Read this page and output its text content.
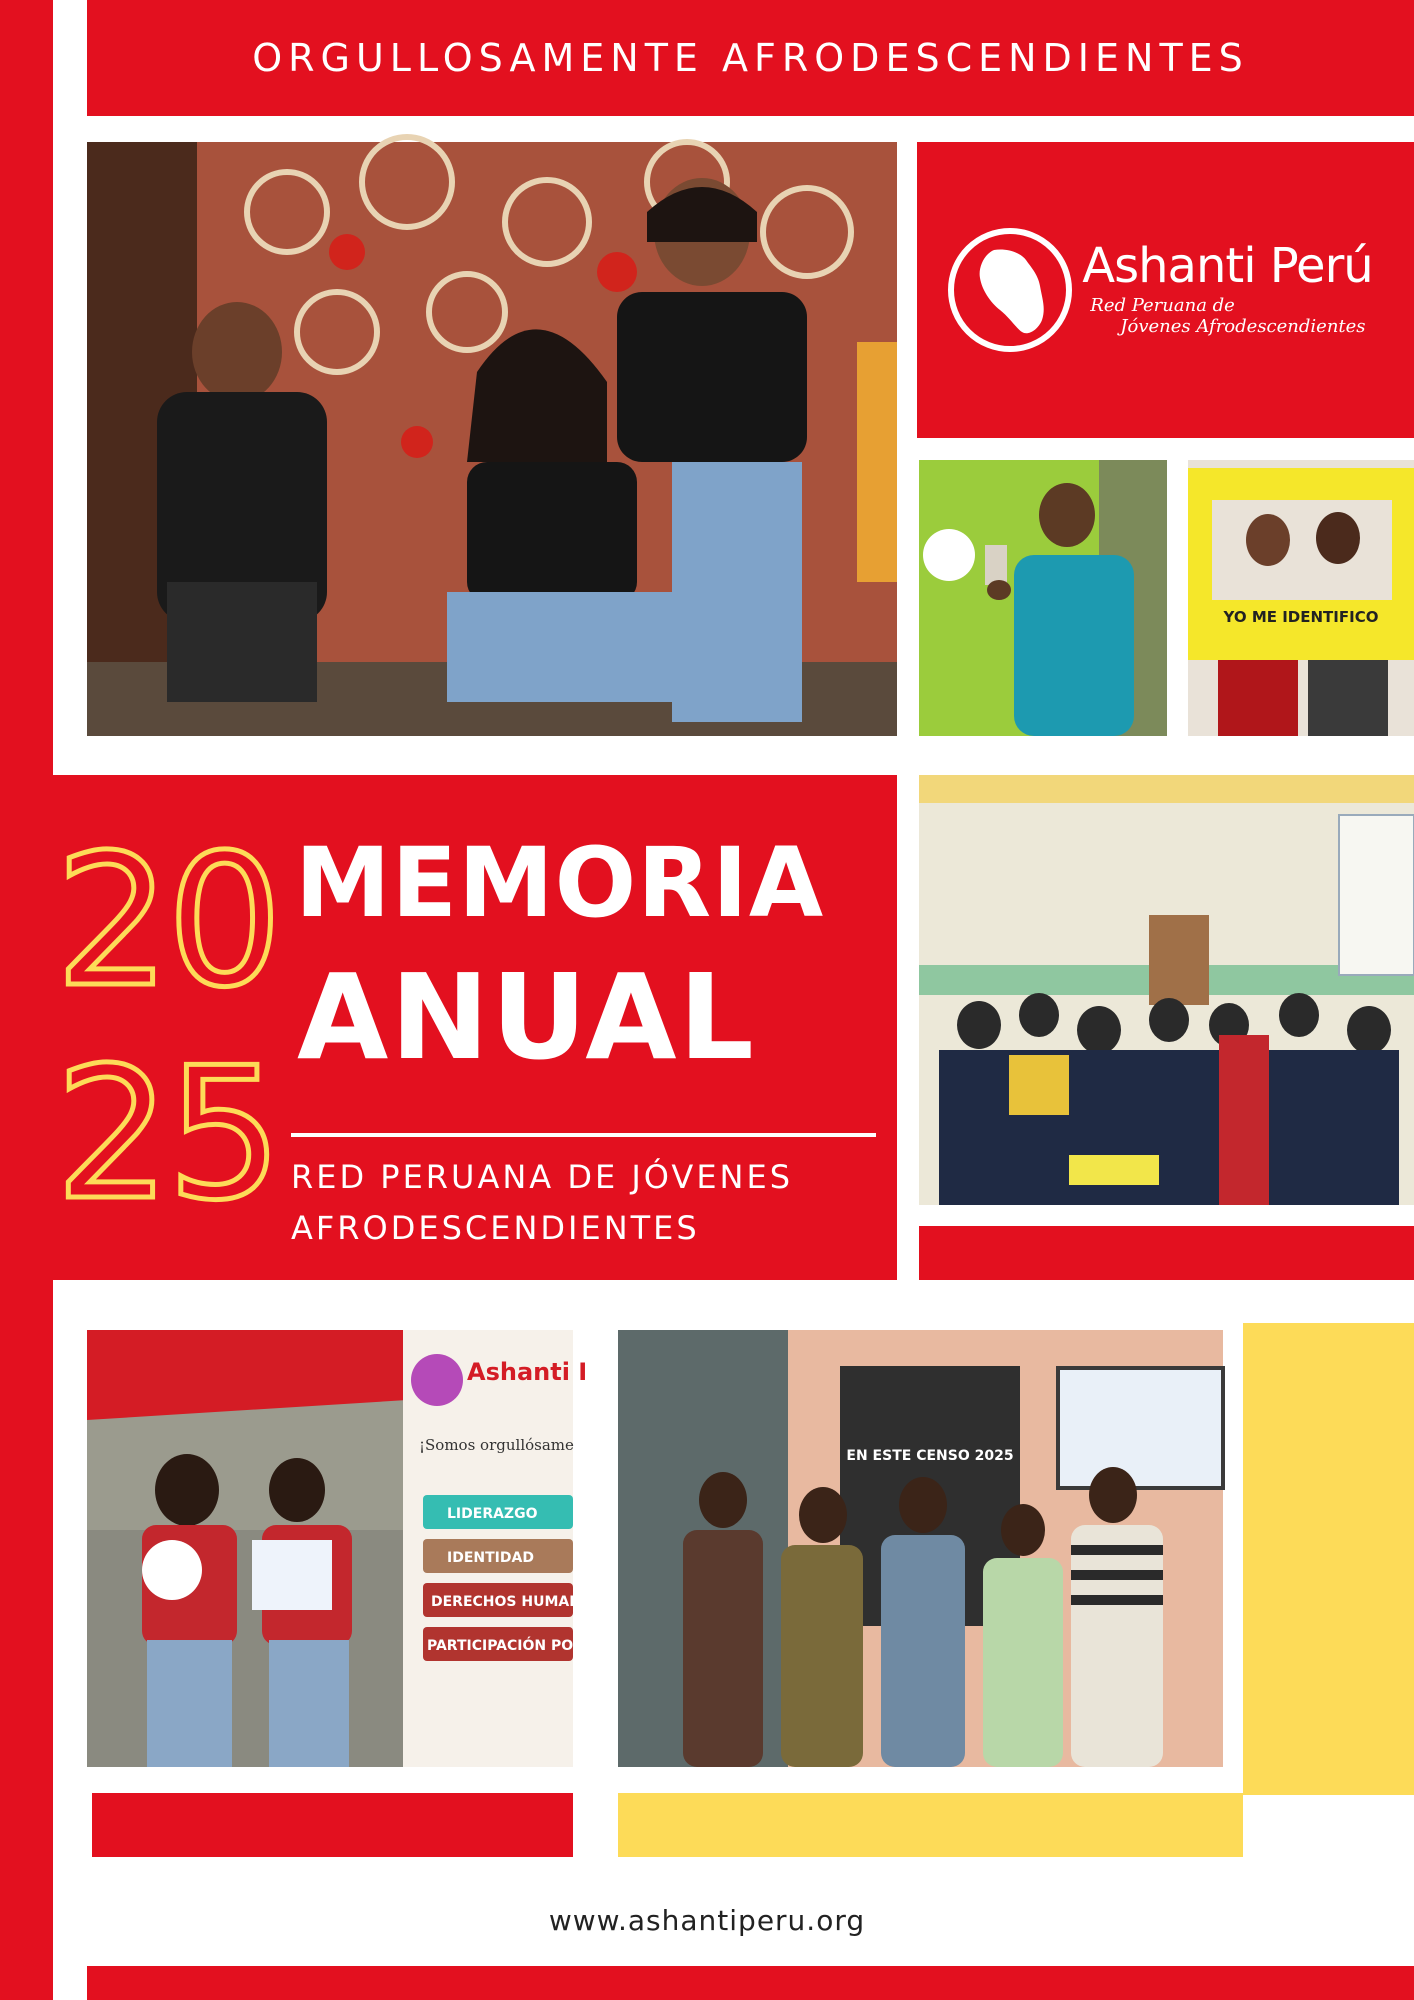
ORGULLOSAMENTE AFRODESCENDIENTES
Ashanti Perú
Red Peruana de
Jóvenes Afrodescendientes
YO ME IDENTIFICO
20
25
MEMORIA
ANUAL
RED PERUANA DE JÓVENES
AFRODESCENDIENTES
Ashanti I
¡Somos orgullósame
LIDERAZGO
IDENTIDAD
DERECHOS HUMAN
PARTICIPACIÓN POLI
EN ESTE CENSO 2025
www.ashantiperu.org
